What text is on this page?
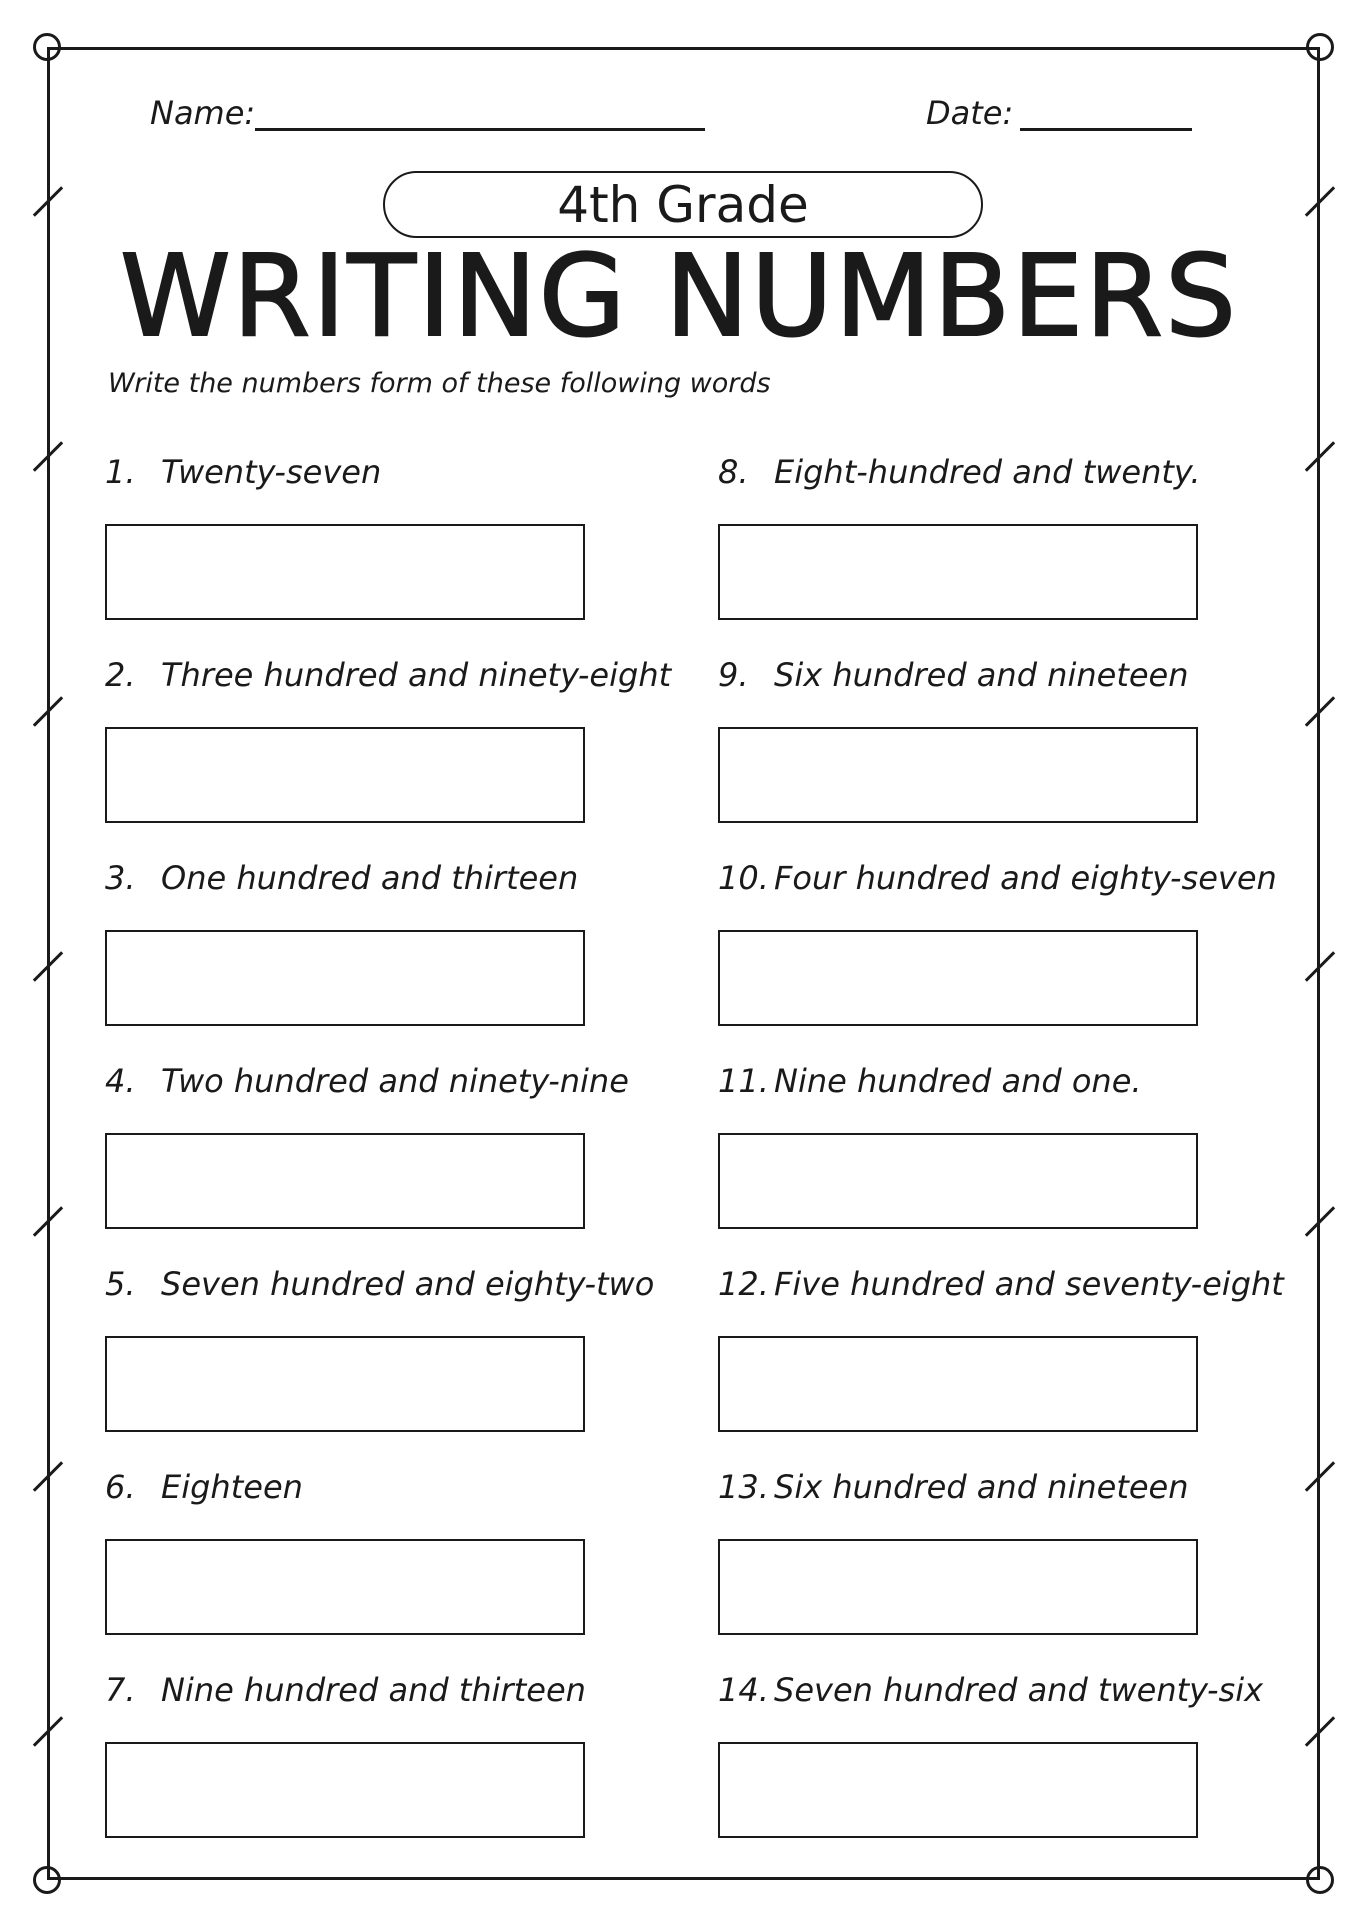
Name:	Date:
4th Grade
WRITING NUMBERS
Write the numbers form of these following words
1. Twenty-seven
2. Three hundred and ninety-eight
3. One hundred and thirteen
4. Two hundred and ninety-nine
5. Seven hundred and eighty-two
6. Eighteen
7. Nine hundred and thirteen
8. Eight-hundred and twenty.
9. Six hundred and nineteen
10. Four hundred and eighty-seven
11. Nine hundred and one.
12. Five hundred and seventy-eight
13. Six hundred and nineteen
14. Seven hundred and twenty-six
